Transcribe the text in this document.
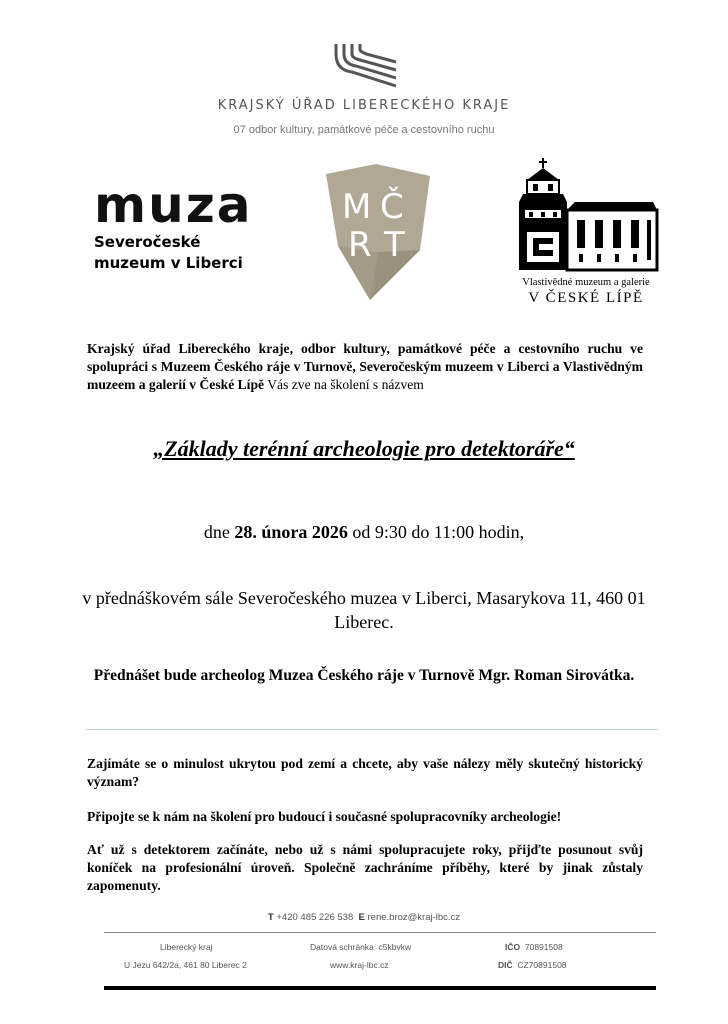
KRAJSKÝ ÚŘAD LIBERECKÉHO KRAJE
07 odbor kultury, památkové péče a cestovního ruchu
muza
Severočeské
muzeum v Liberci
M Č
R T
Vlastivědné muzeum a galerie
V ČESKÉ LÍPĚ
Krajský úřad Libereckého kraje, odbor kultury, památkové péče a cestovního ruchu ve spolupráci s Muzeem Českého ráje v Turnově, Severočeským muzeem v Liberci a Vlastivědným muzeem a galerií v České Lípě Vás zve na školení s názvem
„Základy terénní archeologie pro detektoráře“
dne 28. února 2026 od 9:30 do 11:00 hodin,
v přednáškovém sále Severočeského muzea v Liberci, Masarykova 11, 460 01 Liberec.
Přednášet bude archeolog Muzea Českého ráje v Turnově Mgr. Roman Sirovátka.
Zajímáte se o minulost ukrytou pod zemí a chcete, aby vaše nálezy měly skutečný historický význam?
Připojte se k nám na školení pro budoucí i současné spolupracovníky archeologie!
Ať už s detektorem začínáte, nebo už s námi spolupracujete roky, přijďte posunout svůj koníček na profesionální úroveň. Společně zachráníme příběhy, které by jinak zůstaly zapomenuty.
T +420 485 226 538 E rene.broz@kraj-lbc.cz
Liberecký kraj
U Jezu 642/2a, 461 80 Liberec 2
Datová schránka c5kbvkw
www.kraj-lbc.cz
IČO 70891508
DIČ CZ70891508
